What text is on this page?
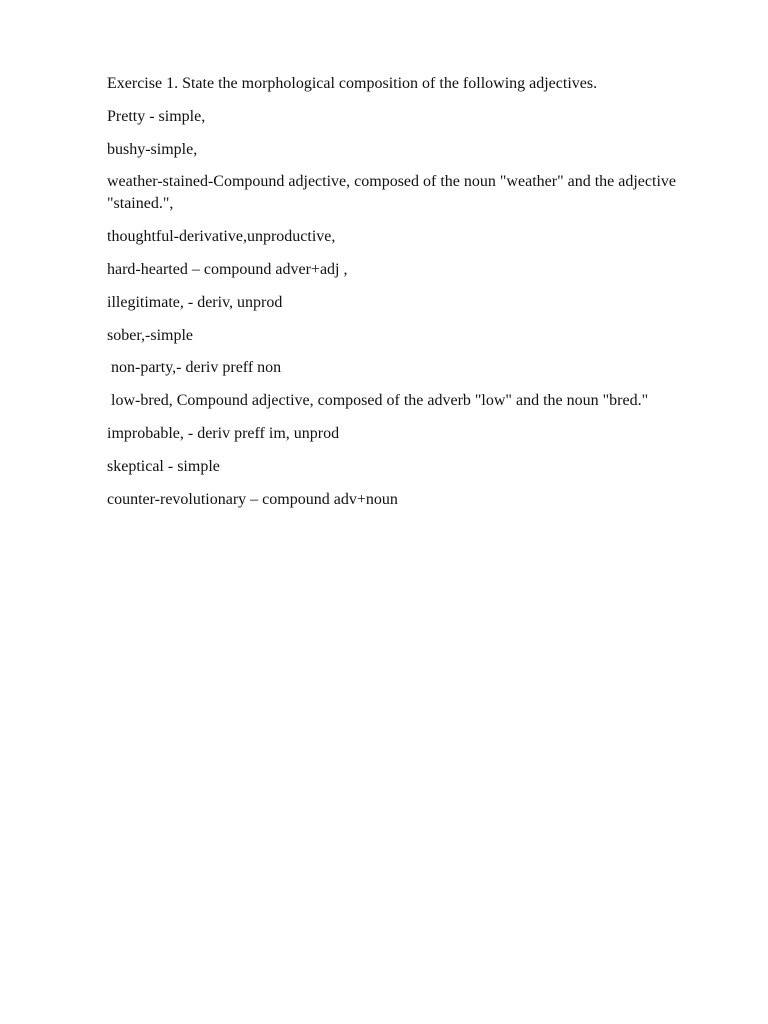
Exercise 1. State the morphological composition of the following adjectives.

Pretty - simple,

bushy-simple,

weather-stained-Compound adjective, composed of the noun "weather" and the adjective "stained.",

thoughtful-derivative,unproductive,

hard-hearted – compound adver+adj ,

illegitimate, - deriv, unprod

sober,-simple

non-party,- deriv preff non

low-bred, Compound adjective, composed of the adverb "low" and the noun "bred."

improbable, - deriv preff im, unprod

skeptical - simple

counter-revolutionary – compound adv+noun
